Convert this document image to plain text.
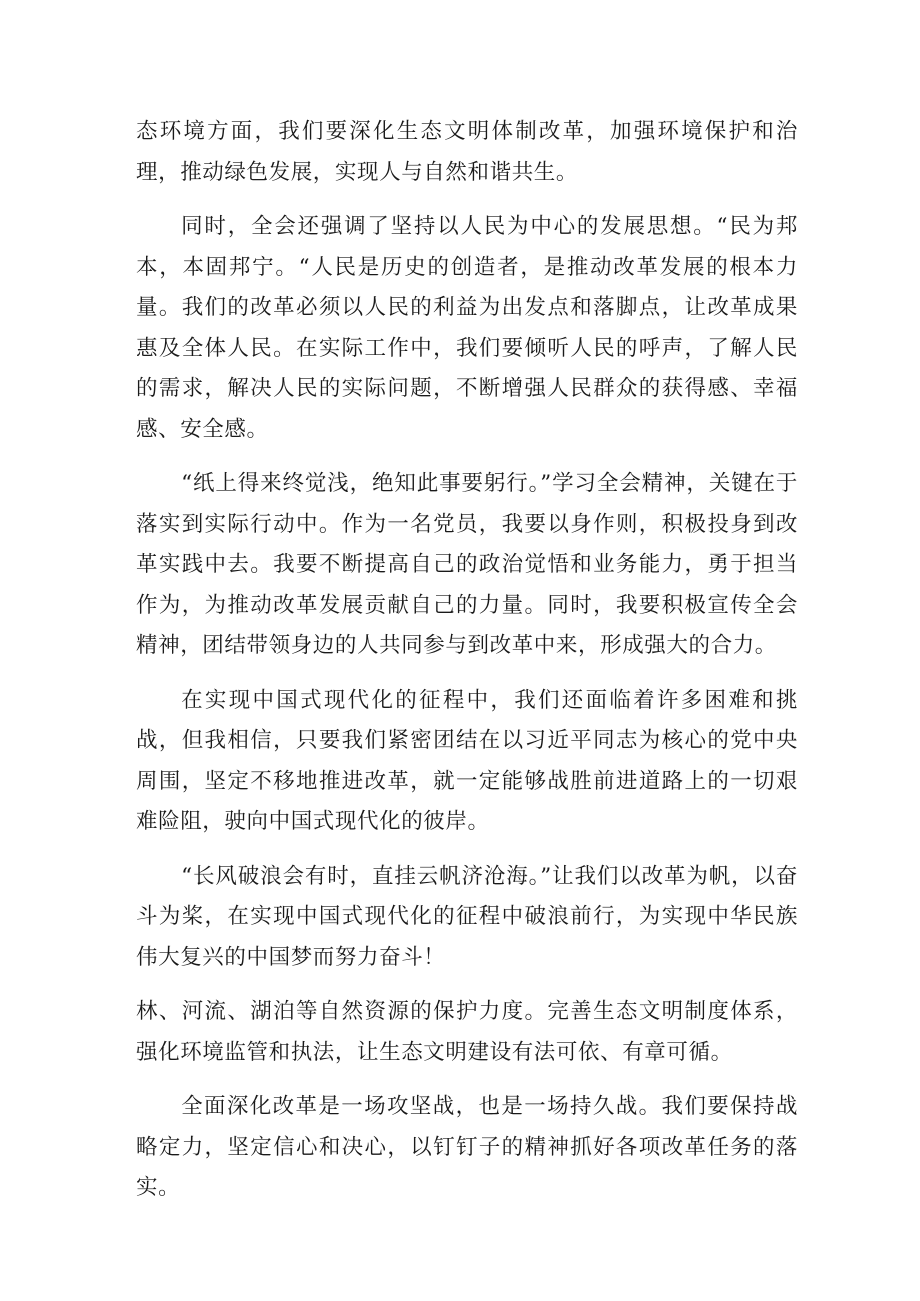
态环境方面，我们要深化生态文明体制改革，加强环境保护和治理，推动绿色发展，实现人与自然和谐共生。

同时，全会还强调了坚持以人民为中心的发展思想。“民为邦本，本固邦宁。“人民是历史的创造者，是推动改革发展的根本力量。我们的改革必须以人民的利益为出发点和落脚点，让改革成果惠及全体人民。在实际工作中，我们要倾听人民的呼声，了解人民的需求，解决人民的实际问题，不断增强人民群众的获得感、幸福感、安全感。

“纸上得来终觉浅，绝知此事要躬行。”学习全会精神，关键在于落实到实际行动中。作为一名党员，我要以身作则，积极投身到改革实践中去。我要不断提高自己的政治觉悟和业务能力，勇于担当作为，为推动改革发展贡献自己的力量。同时，我要积极宣传全会精神，团结带领身边的人共同参与到改革中来，形成强大的合力。

在实现中国式现代化的征程中，我们还面临着许多困难和挑战，但我相信，只要我们紧密团结在以习近平同志为核心的党中央周围，坚定不移地推进改革，就一定能够战胜前进道路上的一切艰难险阻，驶向中国式现代化的彼岸。

“长风破浪会有时，直挂云帆济沧海。”让我们以改革为帆，以奋斗为桨，在实现中国式现代化的征程中破浪前行，为实现中华民族伟大复兴的中国梦而努力奋斗！

林、河流、湖泊等自然资源的保护力度。完善生态文明制度体系，强化环境监管和执法，让生态文明建设有法可依、有章可循。

全面深化改革是一场攻坚战，也是一场持久战。我们要保持战略定力，坚定信心和决心，以钉钉子的精神抓好各项改革任务的落实。
